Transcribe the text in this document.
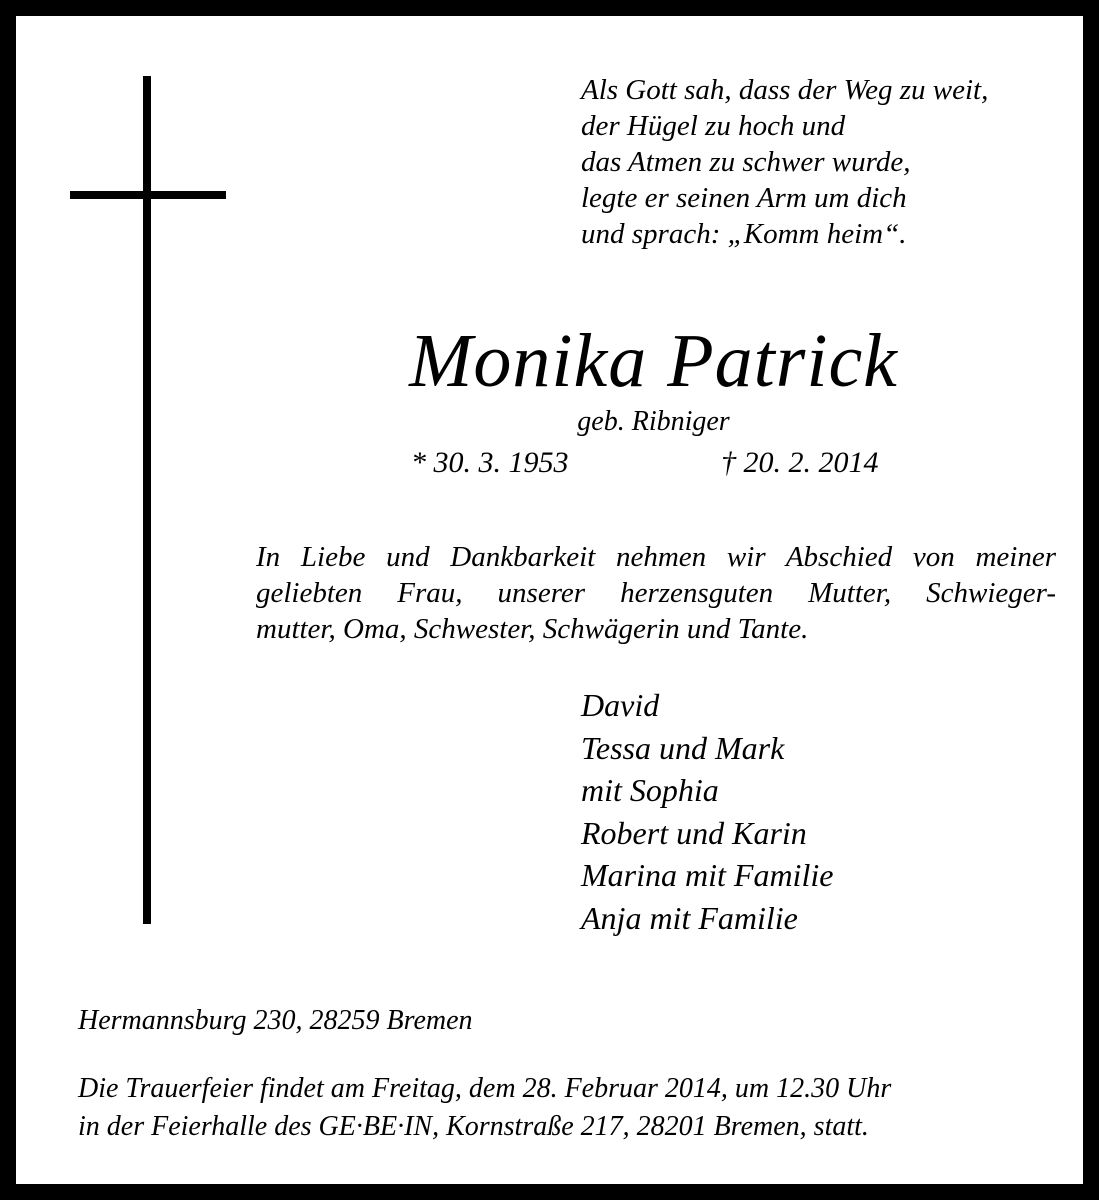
Als Gott sah, dass der Weg zu weit,
der Hügel zu hoch und
das Atmen zu schwer wurde,
legte er seinen Arm um dich
und sprach: „Komm heim“.
Monika Patrick
geb. Ribniger
* 30. 3. 1953	† 20. 2. 2014
In Liebe und Dankbarkeit nehmen wir Abschied von meiner
geliebten Frau, unserer herzensguten Mutter, Schwieger-
mutter, Oma, Schwester, Schwägerin und Tante.
David
Tessa und Mark
mit Sophia
Robert und Karin
Marina mit Familie
Anja mit Familie
Hermannsburg 230, 28259 Bremen
Die Trauerfeier findet am Freitag, dem 28. Februar 2014, um 12.30 Uhr
in der Feierhalle des GE·BE·IN, Kornstraße 217, 28201 Bremen, statt.
